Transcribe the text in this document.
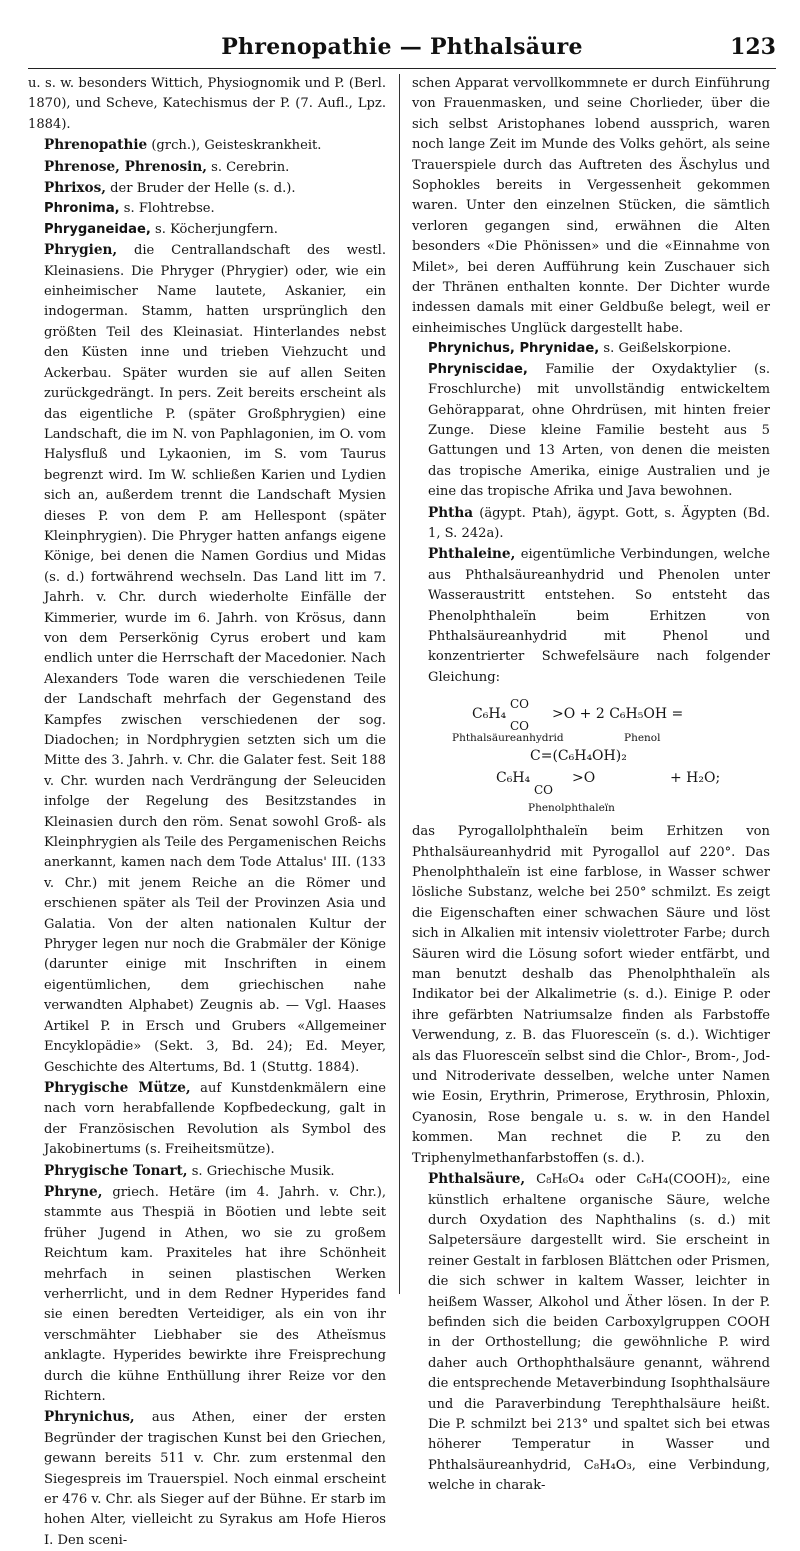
Phrenopathie — Phthalsäure	123

u. s. w. besonders Wittich, Physiognomik und P. (Berl. 1870), und Scheve, Katechismus der P. (7. Aufl., Lpz. 1884).

Phrenopathie (grch.), Geisteskrankheit.

Phrenose, Phrenosin, s. Cerebrin.

Phrixos, der Bruder der Helle (s. d.).

Phronima, s. Flohtrebse.

Phryganeidae, s. Köcherjungfern.

Phrygien, die Centrallandschaft des westl. Kleinasiens. Die Phryger (Phrygier) oder, wie ein einheimischer Name lautete, Askanier, ein indogerman. Stamm, hatten ursprünglich den größten Teil des Kleinasiat. Hinterlandes nebst den Küsten inne und trieben Viehzucht und Ackerbau. Später wurden sie auf allen Seiten zurückgedrängt. In pers. Zeit bereits erscheint als das eigentliche P. (später Großphrygien) eine Landschaft, die im N. von Paphlagonien, im O. vom Halysfluß und Lykaonien, im S. vom Taurus begrenzt wird. Im W. schließen Karien und Lydien sich an, außerdem trennt die Landschaft Mysien dieses P. von dem P. am Hellespont (später Kleinphrygien). Die Phryger hatten anfangs eigene Könige, bei denen die Namen Gordius und Midas (s. d.) fortwährend wechseln. Das Land litt im 7. Jahrh. v. Chr. durch wiederholte Einfälle der Kimmerier, wurde im 6. Jahrh. von Krösus, dann von dem Perserkönig Cyrus erobert und kam endlich unter die Herrschaft der Macedonier. Nach Alexanders Tode waren die verschiedenen Teile der Landschaft mehrfach der Gegenstand des Kampfes zwischen verschiedenen der sog. Diadochen; in Nordphrygien setzten sich um die Mitte des 3. Jahrh. v. Chr. die Galater fest. Seit 188 v. Chr. wurden nach Verdrängung der Seleuciden infolge der Regelung des Besitzstandes in Kleinasien durch den röm. Senat sowohl Groß- als Kleinphrygien als Teile des Pergamenischen Reichs anerkannt, kamen nach dem Tode Attalus' III. (133 v. Chr.) mit jenem Reiche an die Römer und erschienen später als Teil der Provinzen Asia und Galatia. Von der alten nationalen Kultur der Phryger legen nur noch die Grabmäler der Könige (darunter einige mit Inschriften in einem eigentümlichen, dem griechischen nahe verwandten Alphabet) Zeugnis ab. — Vgl. Haases Artikel P. in Ersch und Grubers «Allgemeiner Encyklopädie» (Sekt. 3, Bd. 24); Ed. Meyer, Geschichte des Altertums, Bd. 1 (Stuttg. 1884).

Phrygische Mütze, auf Kunstdenkmälern eine nach vorn herabfallende Kopfbedeckung, galt in der Französischen Revolution als Symbol des Jakobinertums (s. Freiheitsmütze).

Phrygische Tonart, s. Griechische Musik.

Phryne, griech. Hetäre (im 4. Jahrh. v. Chr.), stammte aus Thespiä in Böotien und lebte seit früher Jugend in Athen, wo sie zu großem Reichtum kam. Praxiteles hat ihre Schönheit mehrfach in seinen plastischen Werken verherrlicht, und in dem Redner Hyperides fand sie einen beredten Verteidiger, als ein von ihr verschmähter Liebhaber sie des Atheïsmus anklagte. Hyperides bewirkte ihre Freisprechung durch die kühne Enthüllung ihrer Reize vor den Richtern.

Phrynichus, aus Athen, einer der ersten Begründer der tragischen Kunst bei den Griechen, gewann bereits 511 v. Chr. zum erstenmal den Siegespreis im Trauerspiel. Noch einmal erscheint er 476 v. Chr. als Sieger auf der Bühne. Er starb im hohen Alter, vielleicht zu Syrakus am Hofe Hieros I. Den sceni-

schen Apparat vervollkommnete er durch Einführung von Frauenmasken, und seine Chorlieder, über die sich selbst Aristophanes lobend aussprich, waren noch lange Zeit im Munde des Volks gehört, als seine Trauerspiele durch das Auftreten des Äschylus und Sophokles bereits in Vergessenheit gekommen waren. Unter den einzelnen Stücken, die sämtlich verloren gegangen sind, erwähnen die Alten besonders «Die Phönissen» und die «Einnahme von Milet», bei deren Aufführung kein Zuschauer sich der Thränen enthalten konnte. Der Dichter wurde indessen damals mit einer Geldbuße belegt, weil er einheimisches Unglück dargestellt habe.

Phrynichus, Phrynidae, s. Geißelskorpione.

Phryniscidae, Familie der Oxydaktylier (s. Froschlurche) mit unvollständig entwickeltem Gehörapparat, ohne Ohrdrüsen, mit hinten freier Zunge. Diese kleine Familie besteht aus 5 Gattungen und 13 Arten, von denen die meisten das tropische Amerika, einige Australien und je eine das tropische Afrika und Java bewohnen.

Phtha (ägypt. Ptah), ägypt. Gott, s. Ägypten (Bd. 1, S. 242a).

Phthaleine, eigentümliche Verbindungen, welche aus Phthalsäureanhydrid und Phenolen unter Wasseraustritt entstehen. So entsteht das Phenolphthaleïn beim Erhitzen von Phthalsäureanhydrid mit Phenol und konzentrierter Schwefelsäure nach folgender Gleichung:

C₆H₄
CO
CO
>O + 2 C₆H₅OH =
Phthalsäureanhydrid	Phenol
C=(C₆H₄OH)₂
C₆H₄
CO
>O	+ H₂O;
Phenolphthaleïn

das Pyrogallolphthaleïn beim Erhitzen von Phthalsäureanhydrid mit Pyrogallol auf 220°. Das Phenolphthaleïn ist eine farblose, in Wasser schwer lösliche Substanz, welche bei 250° schmilzt. Es zeigt die Eigenschaften einer schwachen Säure und löst sich in Alkalien mit intensiv violettroter Farbe; durch Säuren wird die Lösung sofort wieder entfärbt, und man benutzt deshalb das Phenolphthaleïn als Indikator bei der Alkalimetrie (s. d.). Einige P. oder ihre gefärbten Natriumsalze finden als Farbstoffe Verwendung, z. B. das Fluoresceïn (s. d.). Wichtiger als das Fluoresceïn selbst sind die Chlor-, Brom-, Jod- und Nitroderivate desselben, welche unter Namen wie Eosin, Erythrin, Primerose, Erythrosin, Phloxin, Cyanosin, Rose bengale u. s. w. in den Handel kommen. Man rechnet die P. zu den Triphenylmethanfarbstoffen (s. d.).

Phthalsäure, C₈H₆O₄ oder C₆H₄(COOH)₂, eine künstlich erhaltene organische Säure, welche durch Oxydation des Naphthalins (s. d.) mit Salpetersäure dargestellt wird. Sie erscheint in reiner Gestalt in farblosen Blättchen oder Prismen, die sich schwer in kaltem Wasser, leichter in heißem Wasser, Alkohol und Äther lösen. In der P. befinden sich die beiden Carboxylgruppen COOH in der Orthostellung; die gewöhnliche P. wird daher auch Orthophthalsäure genannt, während die entsprechende Metaverbindung Isophthalsäure und die Paraverbindung Terephthalsäure heißt. Die P. schmilzt bei 213° und spaltet sich bei etwas höherer Temperatur in Wasser und Phthalsäureanhydrid, C₈H₄O₃, eine Verbindung, welche in charak-
